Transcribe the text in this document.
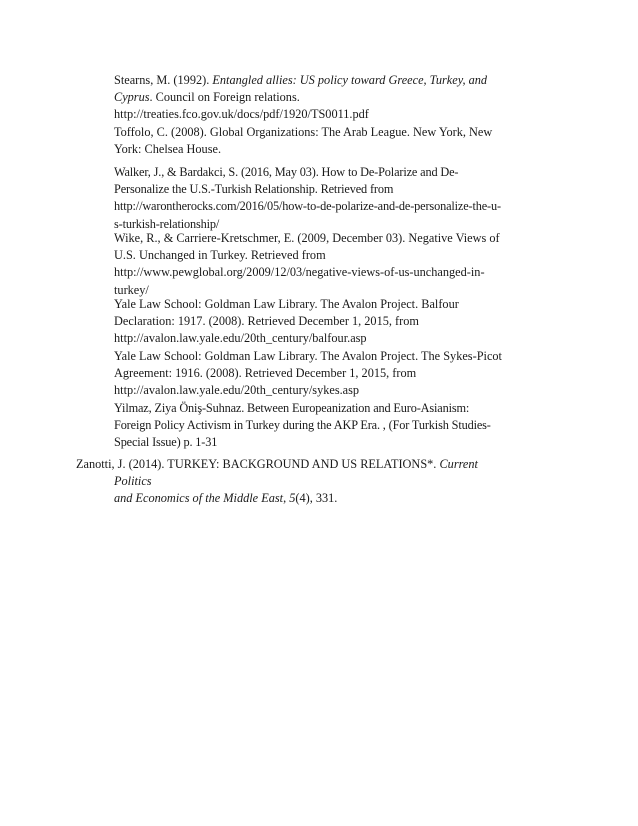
Stearns, M. (1992). Entangled allies: US policy toward Greece, Turkey, and
Cyprus. Council on Foreign relations.
http://treaties.fco.gov.uk/docs/pdf/1920/TS0011.pdf
Toffolo, C. (2008). Global Organizations: The Arab League. New York, New
York: Chelsea House.
Walker, J., & Bardakci, S. (2016, May 03). How to De-Polarize and De-
Personalize the U.S.-Turkish Relationship. Retrieved from
http://warontherocks.com/2016/05/how-to-de-polarize-and-de-personalize-the-u-
s-turkish-relationship/
Wike, R., & Carriere-Kretschmer, E. (2009, December 03). Negative Views of
U.S. Unchanged in Turkey. Retrieved from
http://www.pewglobal.org/2009/12/03/negative-views-of-us-unchanged-in-
turkey/
Yale Law School: Goldman Law Library. The Avalon Project. Balfour
Declaration: 1917. (2008). Retrieved December 1, 2015, from
http://avalon.law.yale.edu/20th_century/balfour.asp
Yale Law School: Goldman Law Library. The Avalon Project. The Sykes-Picot
Agreement: 1916. (2008). Retrieved December 1, 2015, from
http://avalon.law.yale.edu/20th_century/sykes.asp
Yilmaz, Ziya Öniş-Suhnaz. Between Europeanization and Euro-Asianism:
Foreign Policy Activism in Turkey during the AKP Era. , (For Turkish Studies-
Special Issue) p. 1-31
Zanotti, J. (2014). TURKEY: BACKGROUND AND US RELATIONS*. Current
Politics
and Economics of the Middle East, 5(4), 331.
